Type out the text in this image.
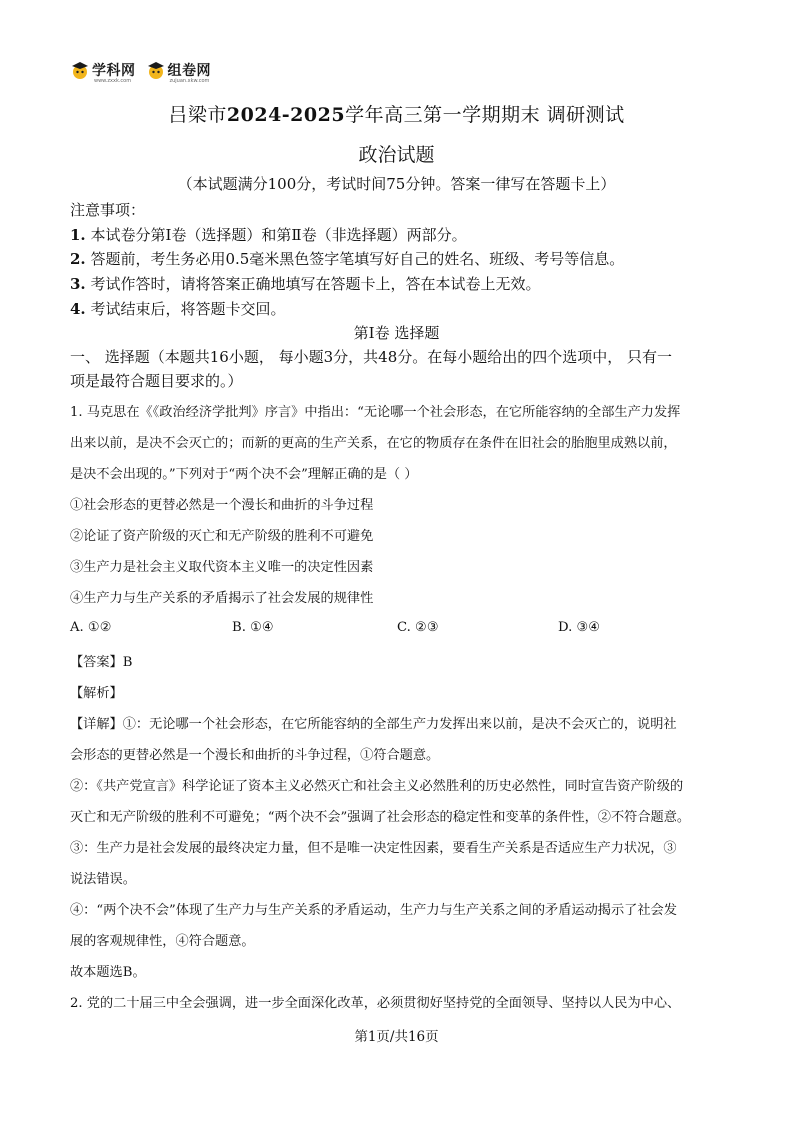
学科网
www.zxxk.com
组卷网
zujuan.xkw.com
吕梁市2024-2025学年高三第一学期期末 调研测试
政治试题
（本试题满分100分，考试时间75分钟。答案一律写在答题卡上）
注意事项：
1. 本试卷分第Ⅰ卷（选择题）和第Ⅱ卷（非选择题）两部分。
2. 答题前，考生务必用0.5毫米黑色签字笔填写好自己的姓名、班级、考号等信息。
3. 考试作答时，请将答案正确地填写在答题卡上，答在本试卷上无效。
4. 考试结束后，将答题卡交回。
第Ⅰ卷 选择题
一、 选择题（本题共16小题， 每小题3分，共48分。在每小题给出的四个选项中， 只有一
项是最符合题目要求的。）
1. 马克思在《《政治经济学批判》序言》中指出：“无论哪一个社会形态，在它所能容纳的全部生产力发挥
出来以前，是决不会灭亡的；而新的更高的生产关系，在它的物质存在条件在旧社会的胎胞里成熟以前，
是决不会出现的。”下列对于“两个决不会”理解正确的是（ ）
①社会形态的更替必然是一个漫长和曲折的斗争过程
②论证了资产阶级的灭亡和无产阶级的胜利不可避免
③生产力是社会主义取代资本主义唯一的决定性因素
④生产力与生产关系的矛盾揭示了社会发展的规律性
A. ①②	B. ①④	C. ②③	D. ③④
【答案】B
【解析】
【详解】①：无论哪一个社会形态，在它所能容纳的全部生产力发挥出来以前，是决不会灭亡的，说明社
会形态的更替必然是一个漫长和曲折的斗争过程，①符合题意。
②：《共产党宣言》科学论证了资本主义必然灭亡和社会主义必然胜利的历史必然性，同时宣告资产阶级的
灭亡和无产阶级的胜利不可避免；“两个决不会”强调了社会形态的稳定性和变革的条件性，②不符合题意。
③：生产力是社会发展的最终决定力量，但不是唯一决定性因素，要看生产关系是否适应生产力状况，③
说法错误。
④：“两个决不会”体现了生产力与生产关系的矛盾运动，生产力与生产关系之间的矛盾运动揭示了社会发
展的客观规律性，④符合题意。
故本题选B。
2. 党的二十届三中全会强调，进一步全面深化改革，必须贯彻好坚持党的全面领导、坚持以人民为中心、
第1页/共16页
